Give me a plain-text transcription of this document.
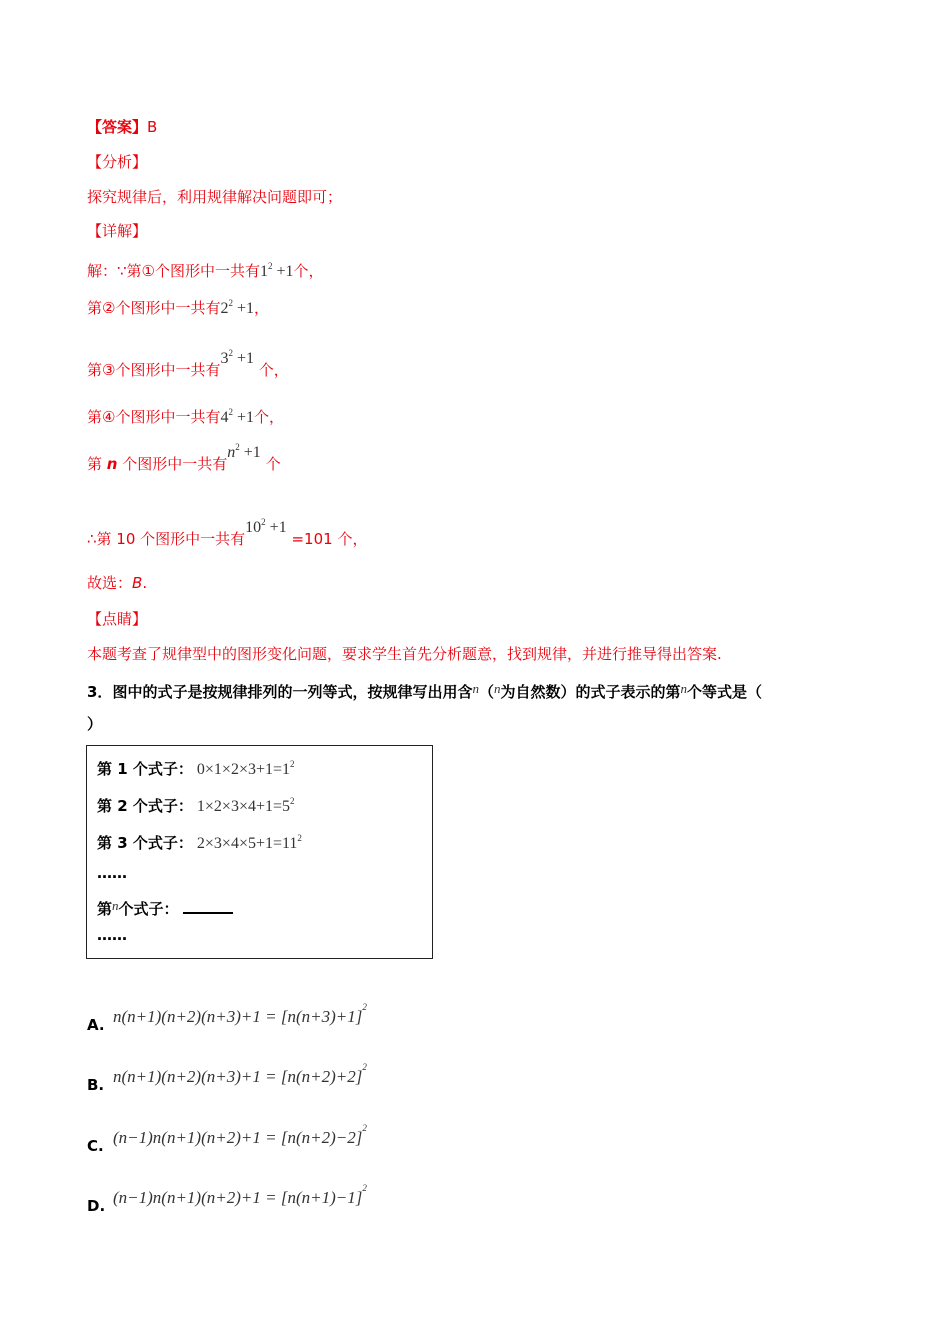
【答案】B
【分析】
探究规律后，利用规律解决问题即可；
【详解】
解：∵第①个图形中一共有$1^2 +1$个，
第②个图形中一共有$2^2 +1$，
第③个图形中一共有$3^2 +1$ 个，
第④个图形中一共有$4^2 +1$个，
第 n 个图形中一共有$n^2 +1$ 个
∴第 10 个图形中一共有$10^2 +1 =101$ 个，
故选：B.
【点睛】
本题考查了规律型中的图形变化问题，要求学生首先分析题意，找到规律，并进行推导得出答案.
3．图中的式子是按规律排列的一列等式，按规律写出用含n（n为自然数）的式子表示的第n个等式是（
）
第 1 个式子： $0\times 1\times 2\times 3+1=1^2$
第 2 个式子： $1\times 2\times 3\times 4+1=5^2$
第 3 个式子： $2\times 3\times 4\times 5+1=11^2$
……
第n个式子：
……
A. $n(n+1)(n+2)(n+3)+1 = [n(n+3)+1]^2$
B. $n(n+1)(n+2)(n+3)+1 = [n(n+2)+2]^2$
C. $(n-1)n(n+1)(n+2)+1 = [n(n+2)-2]^2$
D. $(n-1)n(n+1)(n+2)+1 = [n(n+1)-1]^2$
